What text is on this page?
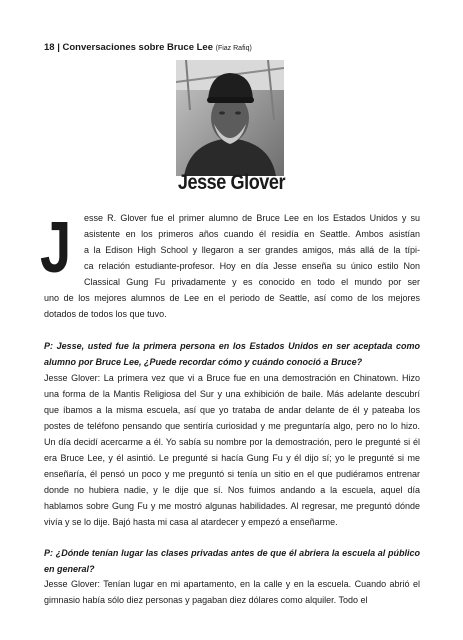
18 | Conversaciones sobre Bruce Lee (Fiaz Rafiq)
Jesse Glover
J	esse R. Glover fue el primer alumno de Bruce Lee en los Estados Unidos y su
asistente en los primeros años cuando él residía en Seattle. Ambos asistían
a la Edison High School y llegaron a ser grandes amigos, más allá de la típi-
ca relación estudiante-profesor. Hoy en día Jesse enseña su único estilo Non
Classical Gung Fu privadamente y es conocido en todo el mundo por ser
uno de los mejores alumnos de Lee en el periodo de Seattle, así como de los mejores
dotados de todos los que tuvo.
P: Jesse, usted fue la primera persona en los Estados Unidos en ser aceptada como alumno por Bruce Lee, ¿Puede recordar cómo y cuándo conoció a Bruce?
Jesse Glover: La primera vez que vi a Bruce fue en una demostración en Chinatown. Hizo una forma de la Mantis Religiosa del Sur y una exhibición de baile. Más adelante descubrí que íbamos a la misma escuela, así que yo trataba de andar delante de él y pateaba los postes de teléfono pensando que sentiría curiosidad y me preguntaría algo, pero no lo hizo. Un día decidí acercarme a él. Yo sabía su nombre por la demostración, pero le pregunté si él era Bruce Lee, y él asintió. Le pregunté si hacía Gung Fu y él dijo sí; yo le pregunté si me enseñaría, él pensó un poco y me preguntó si tenía un sitio en el que pudiéramos entrenar donde no hubiera nadie, y le dije que sí. Nos fuimos andando a la escuela, aquel día hablamos sobre Gung Fu y me mostró algunas habilidades. Al regresar, me preguntó dónde vivía y se lo dije. Bajó hasta mi casa al atardecer y empezó a enseñarme.
P: ¿Dónde tenían lugar las clases privadas antes de que él abriera la escuela al público en general?
Jesse Glover: Tenían lugar en mi apartamento, en la calle y en la escuela. Cuando abrió el gimnasio había sólo diez personas y pagaban diez dólares como alquiler. Todo el
